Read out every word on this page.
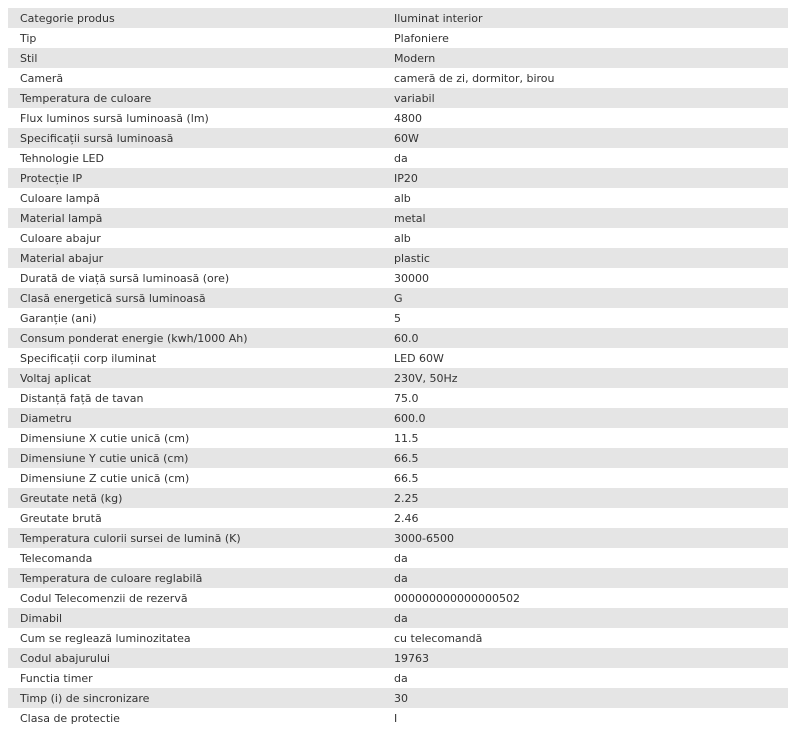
Categorie produs	Iluminat interior
Tip	Plafoniere
Stil	Modern
Cameră	cameră de zi, dormitor, birou
Temperatura de culoare	variabil
Flux luminos sursă luminoasă (lm)	4800
Specificații sursă luminoasă	60W
Tehnologie LED	da
Protecție IP	IP20
Culoare lampă	alb
Material lampă	metal
Culoare abajur	alb
Material abajur	plastic
Durată de viață sursă luminoasă (ore)	30000
Clasă energetică sursă luminoasă	G
Garanție (ani)	5
Consum ponderat energie (kwh/1000 Ah)	60.0
Specificații corp iluminat	LED 60W
Voltaj aplicat	230V, 50Hz
Distanță față de tavan	75.0
Diametru	600.0
Dimensiune X cutie unică (cm)	11.5
Dimensiune Y cutie unică (cm)	66.5
Dimensiune Z cutie unică (cm)	66.5
Greutate netă (kg)	2.25
Greutate brută	2.46
Temperatura culorii sursei de lumină (K)	3000-6500
Telecomanda	da
Temperatura de culoare reglabilă	da
Codul Telecomenzii de rezervă	000000000000000502
Dimabil	da
Cum se reglează luminozitatea	cu telecomandă
Codul abajurului	19763
Functia timer	da
Timp (i) de sincronizare	30
Clasa de protectie	I
